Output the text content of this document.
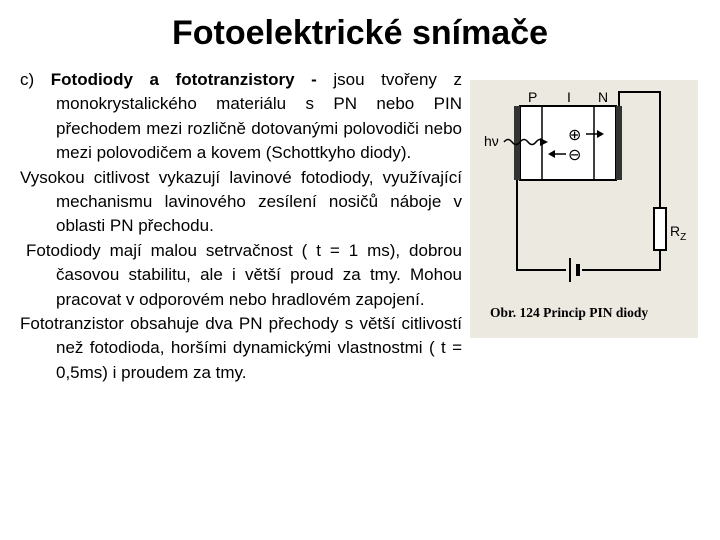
Fotoelektrické snímače

c) Fotodiody a fototranzistory - jsou tvořeny z monokrystalického materiálu s PN nebo PIN přechodem mezi rozličně dotovanými polovodiči nebo mezi polovodičem a kovem (Schottkyho diody).

Vysokou citlivost vykazují lavinové fotodiody, využívající mechanismu lavinového zesílení nosičů náboje v oblasti PN přechodu.

Fotodiody mají malou setrvačnost ( t = 1 ms), dobrou časovou stabilitu, ale i větší proud za tmy. Mohou pracovat v odporovém nebo hradlovém zapojení.

Fototranzistor obsahuje dva PN přechody s větší citlivostí než fotodioda, horšími dynamickými vlastnostmi ( t = 0,5ms) i proudem za tmy.

P I N
hν	⊕
⊖
$R_Z$
Obr. 124 Princip PIN diody
